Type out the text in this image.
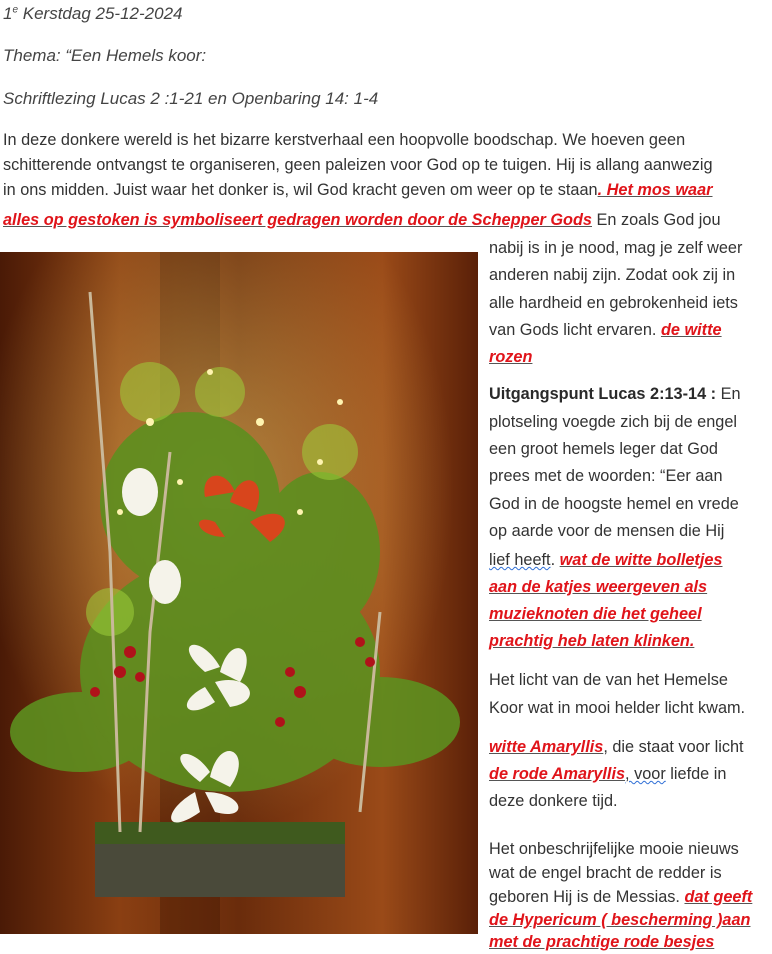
1e Kerstdag 25-12-2024
Thema: “Een Hemels koor:
Schriftlezing Lucas 2 :1-21 en Openbaring 14: 1-4
In deze donkere wereld is het bizarre kerstverhaal een hoopvolle boodschap. We hoeven geen
schitterende ontvangst te organiseren, geen paleizen voor God op te tuigen. Hij is allang aanwezig
in ons midden. Juist waar het donker is, wil God kracht geven om weer op te staan. Het mos waar
alles op gestoken is symboliseert gedragen worden door de Schepper Gods En zoals God jou
nabij is in je nood, mag je zelf weer
anderen nabij zijn. Zodat ook zij in
alle hardheid en gebrokenheid iets
van Gods licht ervaren. de witte
rozen
Uitgangspunt Lucas 2:13-14 : En
plotseling voegde zich bij de engel
een groot hemels leger dat God
prees met de woorden: “Eer aan
God in de hoogste hemel en vrede
op aarde voor de mensen die Hij
lief heeft. wat de witte bolletjes
aan de katjes weergeven als
muzieknoten die het geheel
prachtig heb laten klinken.
Het licht van de van het Hemelse
Koor wat in mooi helder licht kwam.
witte Amaryllis, die staat voor licht
de rode Amaryllis, voor liefde in
deze donkere tijd.
Het onbeschrijfelijke mooie nieuws
wat de engel bracht de redder is
geboren Hij is de Messias. dat geeft
de Hypericum ( bescherming )aan
met de prachtige rode besjes
